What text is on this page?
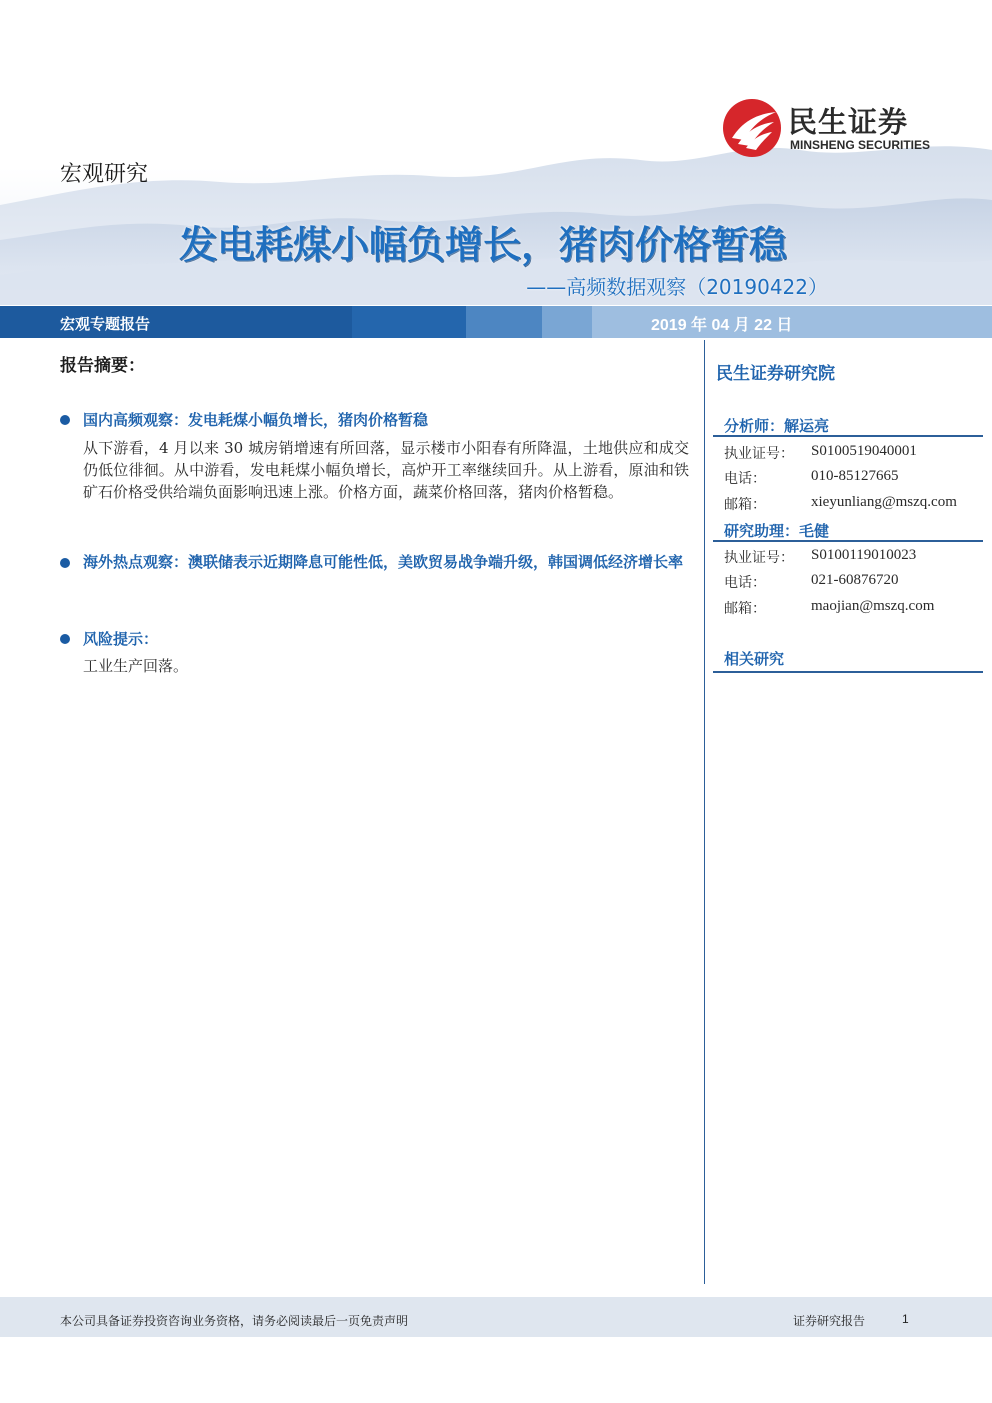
民生证券
MINSHENG SECURITIES
宏观研究
发电耗煤小幅负增长，猪肉价格暂稳
——高频数据观察（20190422）
宏观专题报告	2019 年 04 月 22 日
报告摘要：
国内高频观察：发电耗煤小幅负增长，猪肉价格暂稳
从下游看，4 月以来 30 城房销增速有所回落，显示楼市小阳春有所降温，土地供应和成交仍低位徘徊。从中游看，发电耗煤小幅负增长，高炉开工率继续回升。从上游看，原油和铁矿石价格受供给端负面影响迅速上涨。价格方面，蔬菜价格回落，猪肉价格暂稳。
海外热点观察：澳联储表示近期降息可能性低，美欧贸易战争端升级，韩国调低经济增长率
风险提示：
工业生产回落。
民生证券研究院
分析师：解运亮
执业证号： S0100519040001
电话：	010-85127665
邮箱：	xieyunliang@mszq.com
研究助理：毛健
执业证号： S0100119010023
电话：	021-60876720
邮箱：	maojian@mszq.com
相关研究
本公司具备证券投资咨询业务资格，请务必阅读最后一页免责声明	证券研究报告	1
